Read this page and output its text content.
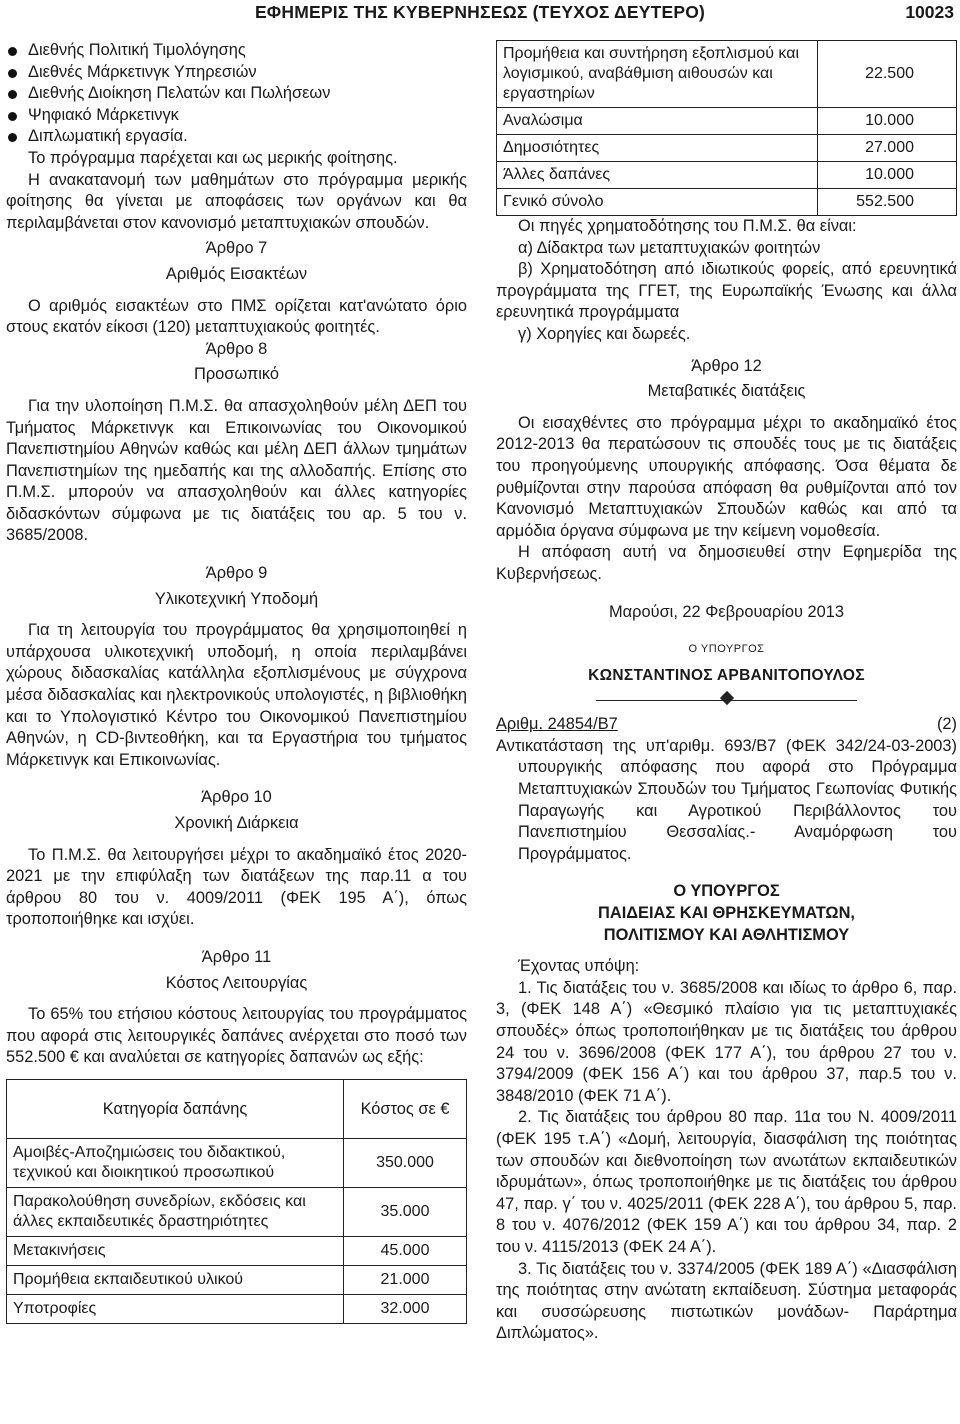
ΕΦΗΜΕΡΙΣ ΤΗΣ ΚΥΒΕΡΝΗΣΕΩΣ (ΤΕΥΧΟΣ ΔΕΥΤΕΡΟ)	10023
Διεθνής Πολιτική Τιμολόγησης
Διεθνές Μάρκετινγκ Υπηρεσιών
Διεθνής Διοίκηση Πελατών και Πωλήσεων
Ψηφιακό Μάρκετινγκ
Διπλωματική εργασία.

Το πρόγραμμα παρέχεται και ως μερικής φοίτησης.

Η ανακατανομή των μαθημάτων στο πρόγραμμα μερικής φοίτησης θα γίνεται με αποφάσεις των οργάνων και θα περιλαμβάνεται στον κανονισμό μεταπτυχιακών σπουδών.

Άρθρο 7
Αριθμός Εισακτέων

Ο αριθμός εισακτέων στο ΠΜΣ ορίζεται κατ'ανώτατο όριο στους εκατόν είκοσι (120) μεταπτυχιακούς φοιτητές.

Άρθρο 8
Προσωπικό

Για την υλοποίηση Π.Μ.Σ. θα απασχοληθούν μέλη ΔΕΠ του Τμήματος Μάρκετινγκ και Επικοινωνίας του Οικονομικού Πανεπιστημίου Αθηνών καθώς και μέλη ΔΕΠ άλλων τμημάτων Πανεπιστημίων της ημεδαπής και της αλλοδαπής. Επίσης στο Π.Μ.Σ. μπορούν να απασχοληθούν και άλλες κατηγορίες διδασκόντων σύμφωνα με τις διατάξεις του αρ. 5 του ν. 3685/2008.

Άρθρο 9
Υλικοτεχνική Υποδομή

Για τη λειτουργία του προγράμματος θα χρησιμοποιηθεί η υπάρχουσα υλικοτεχνική υποδομή, η οποία περιλαμβάνει χώρους διδασκαλίας κατάλληλα εξοπλισμένους με σύγχρονα μέσα διδασκαλίας και ηλεκτρονικούς υπολογιστές, η βιβλιοθήκη και το Υπολογιστικό Κέντρο του Οικονομικού Πανεπιστημίου Αθηνών, η CD-βιντεοθήκη, και τα Εργαστήρια του τμήματος Μάρκετινγκ και Επικοινωνίας.

Άρθρο 10
Χρονική Διάρκεια

Το Π.Μ.Σ. θα λειτουργήσει μέχρι το ακαδημαϊκό έτος 2020-2021 με την επιφύλαξη των διατάξεων της παρ.11 α του άρθρου 80 του ν. 4009/2011 (ΦΕΚ 195 Α΄), όπως τροποποιήθηκε και ισχύει.

Άρθρο 11
Κόστος Λειτουργίας

Το 65% του ετήσιου κόστους λειτουργίας του προγράμματος που αφορά στις λειτουργικές δαπάνες ανέρχεται στο ποσό των 552.500 € και αναλύεται σε κατηγορίες δαπανών ως εξής:

Κατηγορία δαπάνης	Κόστος σε €
Αμοιβές-Αποζημιώσεις του διδακτικού, τεχνικού και διοικητικού προσωπικού	350.000
Παρακολούθηση συνεδρίων, εκδόσεις και άλλες εκπαιδευτικές δραστηριότητες	35.000
Μετακινήσεις	45.000
Προμήθεια εκπαιδευτικού υλικού	21.000
Υποτροφίες	32.000
Προμήθεια και συντήρηση εξοπλισμού και λογισμικού, αναβάθμιση αιθουσών και εργαστηρίων	22.500
Αναλώσιμα	10.000
Δημοσιότητες	27.000
Άλλες δαπάνες	10.000
Γενικό σύνολο	552.500

Οι πηγές χρηματοδότησης του Π.Μ.Σ. θα είναι:

α) Δίδακτρα των μεταπτυχιακών φοιτητών

β) Χρηματοδότηση από ιδιωτικούς φορείς, από ερευνητικά προγράμματα της ΓΓΕΤ, της Ευρωπαϊκής Ένωσης και άλλα ερευνητικά προγράμματα

γ) Χορηγίες και δωρεές.

Άρθρο 12
Μεταβατικές διατάξεις

Οι εισαχθέντες στο πρόγραμμα μέχρι το ακαδημαϊκό έτος 2012-2013 θα περατώσουν τις σπουδές τους με τις διατάξεις του προηγούμενης υπουργικής απόφασης. Όσα θέματα δε ρυθμίζονται στην παρούσα απόφαση θα ρυθμίζονται από τον Κανονισμό Μεταπτυχιακών Σπουδών καθώς και από τα αρμόδια όργανα σύμφωνα με την κείμενη νομοθεσία.

Η απόφαση αυτή να δημοσιευθεί στην Εφημερίδα της Κυβερνήσεως.

Μαρούσι, 22 Φεβρουαρίου 2013

Ο ΥΠΟΥΡΓΟΣ
ΚΩΝΣΤΑΝΤΙΝΟΣ ΑΡΒΑΝΙΤΟΠΟΥΛΟΣ
Αριθμ. 24854/Β7	(2)

Αντικατάσταση της υπ'αριθμ. 693/Β7 (ΦΕΚ 342/24-03-2003) υπουργικής απόφασης που αφορά στο Πρόγραμμα Μεταπτυχιακών Σπουδών του Τμήματος Γεωπονίας Φυτικής Παραγωγής και Αγροτικού Περιβάλλοντος του Πανεπιστημίου Θεσσαλίας.- Αναμόρφωση του Προγράμματος.

Ο ΥΠΟΥΡΓΟΣ
ΠΑΙΔΕΙΑΣ ΚΑΙ ΘΡΗΣΚΕΥΜΑΤΩΝ,
ΠΟΛΙΤΙΣΜΟΥ ΚΑΙ ΑΘΛΗΤΙΣΜΟΥ

Έχοντας υπόψη:

1. Τις διατάξεις του ν. 3685/2008 και ιδίως το άρθρο 6, παρ. 3, (ΦΕΚ 148 Α΄) «Θεσμικό πλαίσιο για τις μεταπτυχιακές σπουδές» όπως τροποποιήθηκαν με τις διατάξεις του άρθρου 24 του ν. 3696/2008 (ΦΕΚ 177 Α΄), του άρθρου 27 του ν. 3794/2009 (ΦΕΚ 156 Α΄) και του άρθρου 37, παρ.5 του ν. 3848/2010 (ΦΕΚ 71 Α΄).

2. Τις διατάξεις του άρθρου 80 παρ. 11α του Ν. 4009/2011 (ΦΕΚ 195 τ.Α΄) «Δομή, λειτουργία, διασφάλιση της ποιότητας των σπουδών και διεθνοποίηση των ανωτάτων εκπαιδευτικών ιδρυμάτων», όπως τροποποιήθηκε με τις διατάξεις του άρθρου 47, παρ. γ΄ του ν. 4025/2011 (ΦΕΚ 228 Α΄), του άρθρου 5, παρ. 8 του ν. 4076/2012 (ΦΕΚ 159 Α΄) και του άρθρου 34, παρ. 2 του ν. 4115/2013 (ΦΕΚ 24 Α΄).

3. Τις διατάξεις του ν. 3374/2005 (ΦΕΚ 189 Α΄) «Διασφάλιση της ποιότητας στην ανώτατη εκπαίδευση. Σύστημα μεταφοράς και συσσώρευσης πιστωτικών μονάδων- Παράρτημα Διπλώματος».
